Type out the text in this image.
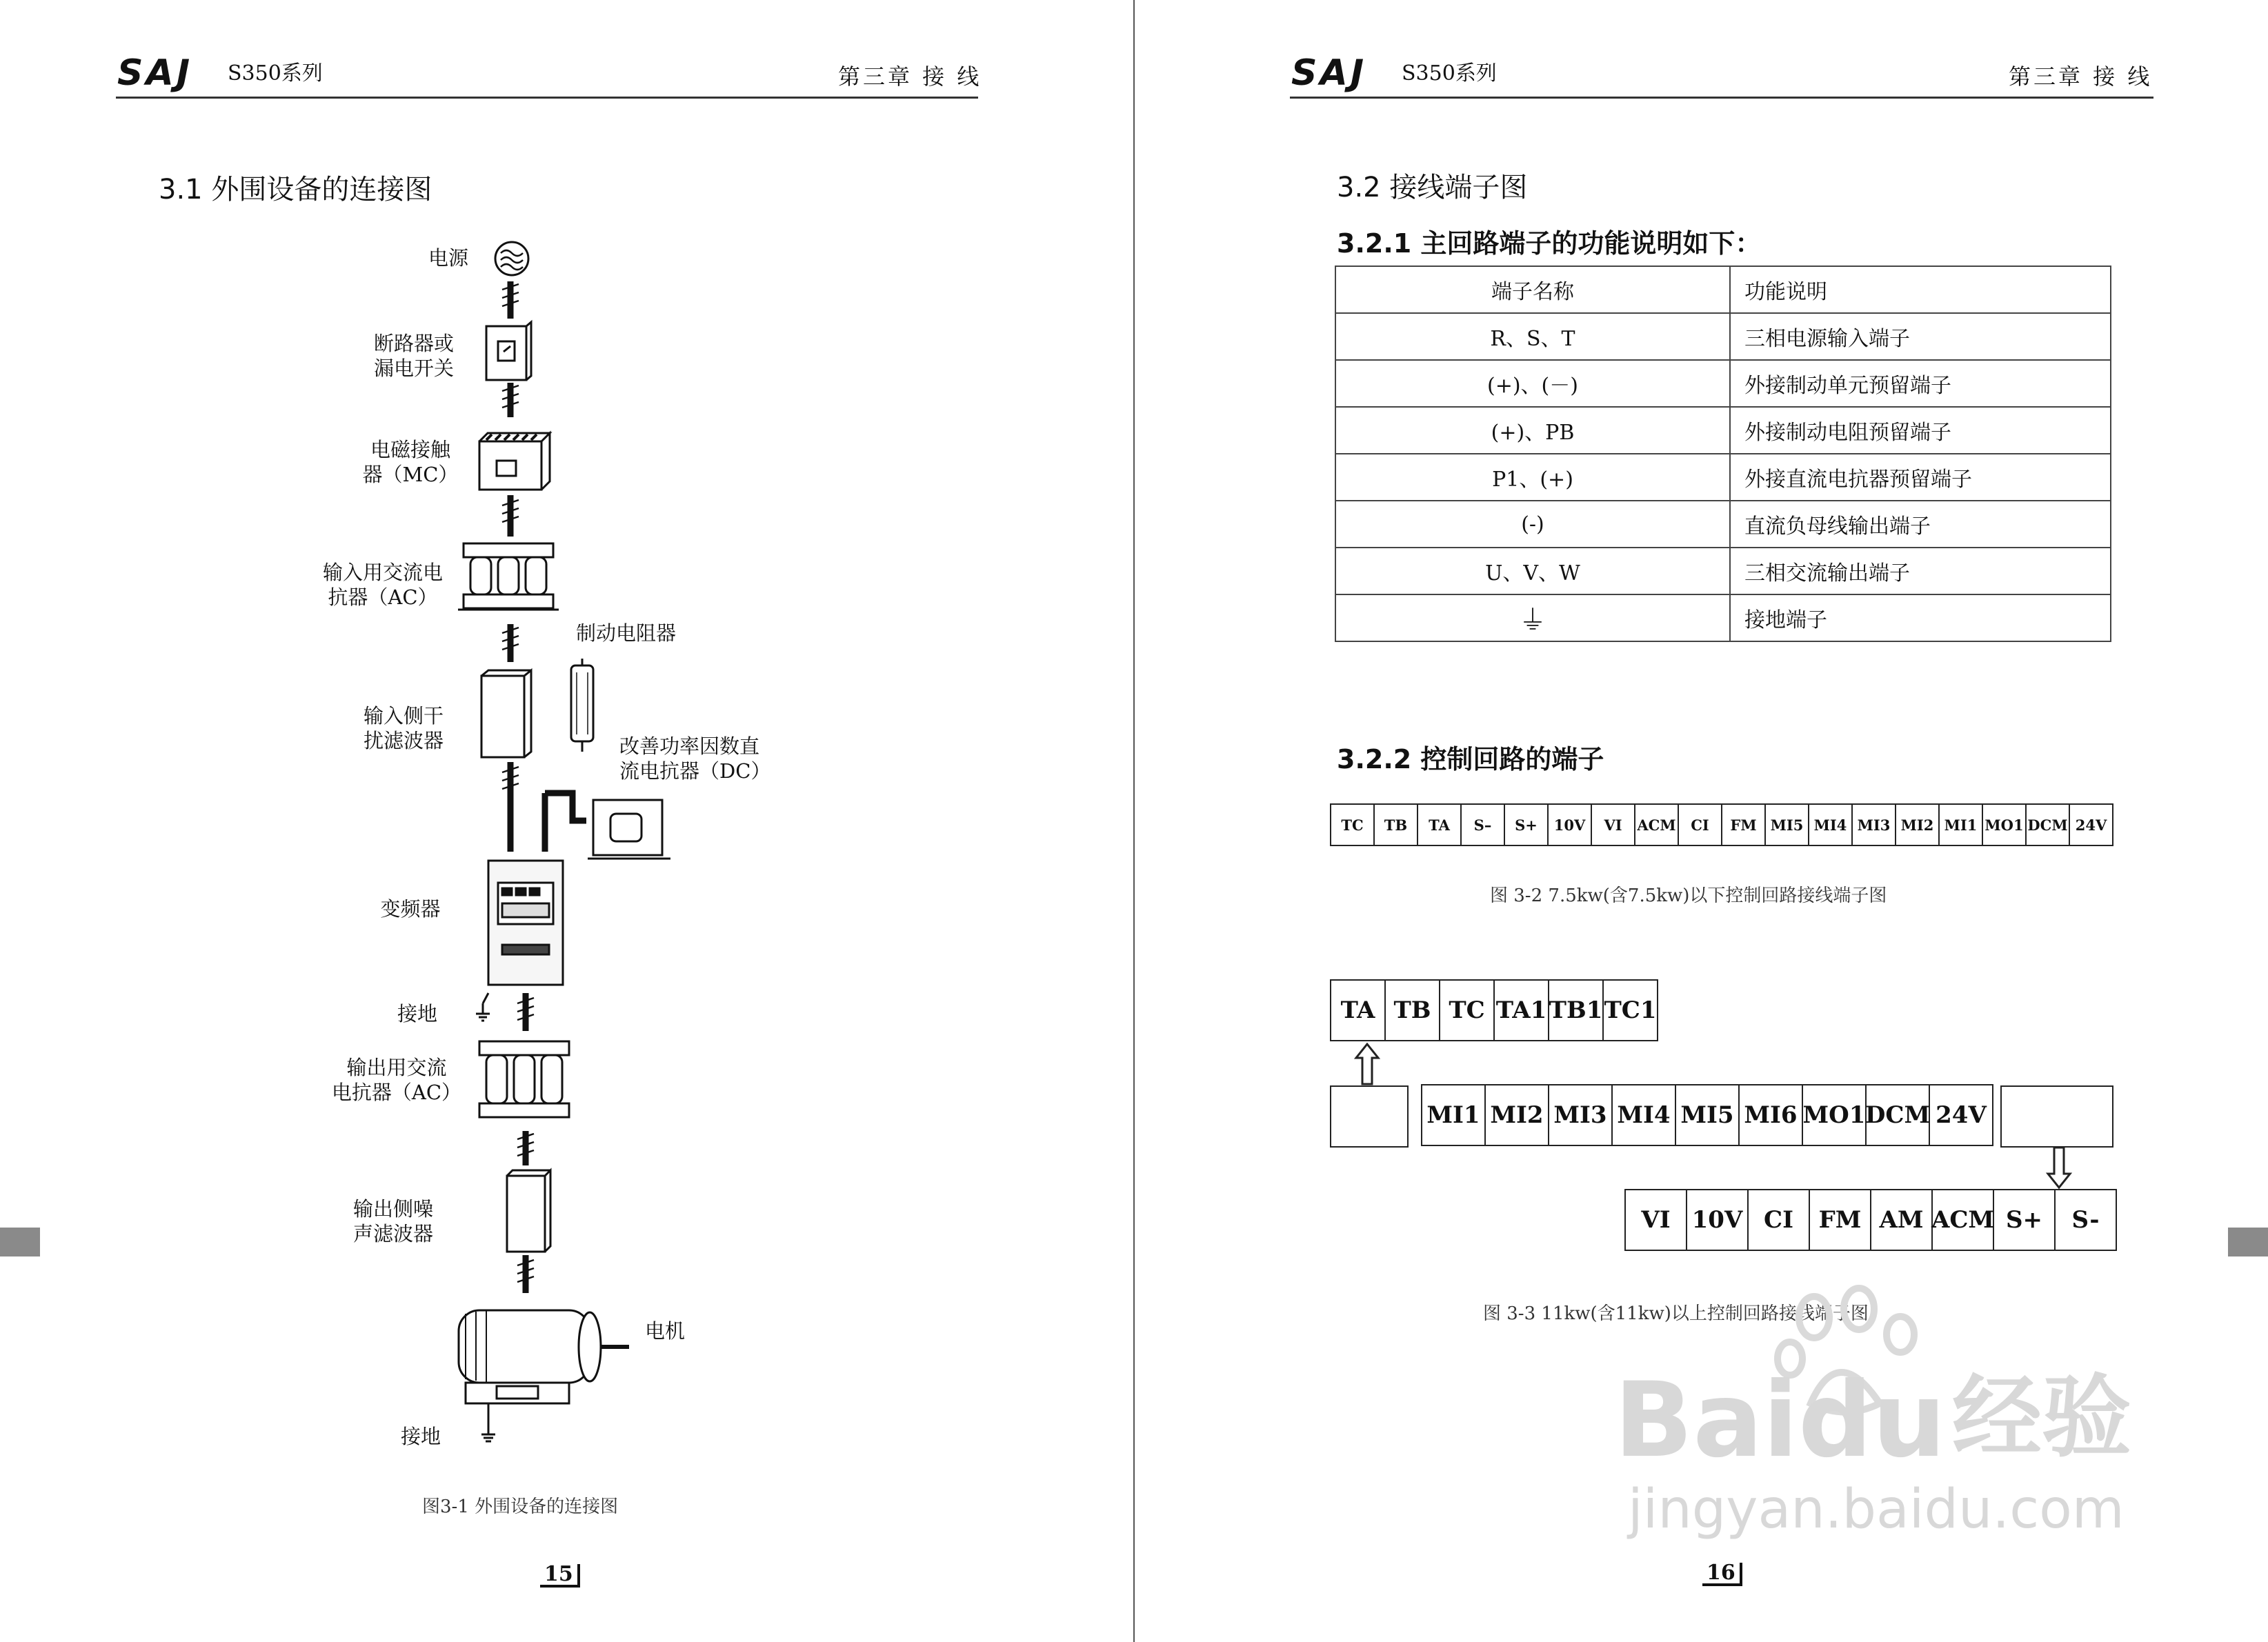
SAJ S350系列	第三章 接 线	SAJ S350系列	第三章 接 线
3.1 外围设备的连接图
电源
断路器或
漏电开关
电磁接触
器（MC）
输入用交流电
抗器（AC）
制动电阻器
输入侧干
扰滤波器	改善功率因数直
流电抗器（DC）
变频器
接地
输出用交流
电抗器（AC）
输出侧噪
声滤波器
电机
接地
图3-1 外围设备的连接图
15
3.2 接线端子图
3.2.1 主回路端子的功能说明如下：
端子名称	功能说明
R、S、T	三相电源输入端子
(+)、(－)	外接制动单元预留端子
(+)、PB	外接制动电阻预留端子
P1、(+)	外接直流电抗器预留端子
(-)	直流负母线输出端子
U、V、W	三相交流输出端子
⏚	接地端子
3.2.2 控制回路的端子
TC	TB	TA	S–	S+	10V	VI	ACM	CI	FM MI5 MI4 MI3 MI2 MI1 MO1 DCM 24V
图 3-2 7.5kw(含7.5kw)以下控制回路接线端子图
TA TB TC TA1 TB1 TC1
MI1 MI2 MI3 MI4 MI5 MI6 MO1 DCM 24V
VI 10V CI	FM AM ACM S+	S-
图 3-3 11kw(含11kw)以上控制回路接线端子图
16
Baidu 经验
jingyan.baidu.com
